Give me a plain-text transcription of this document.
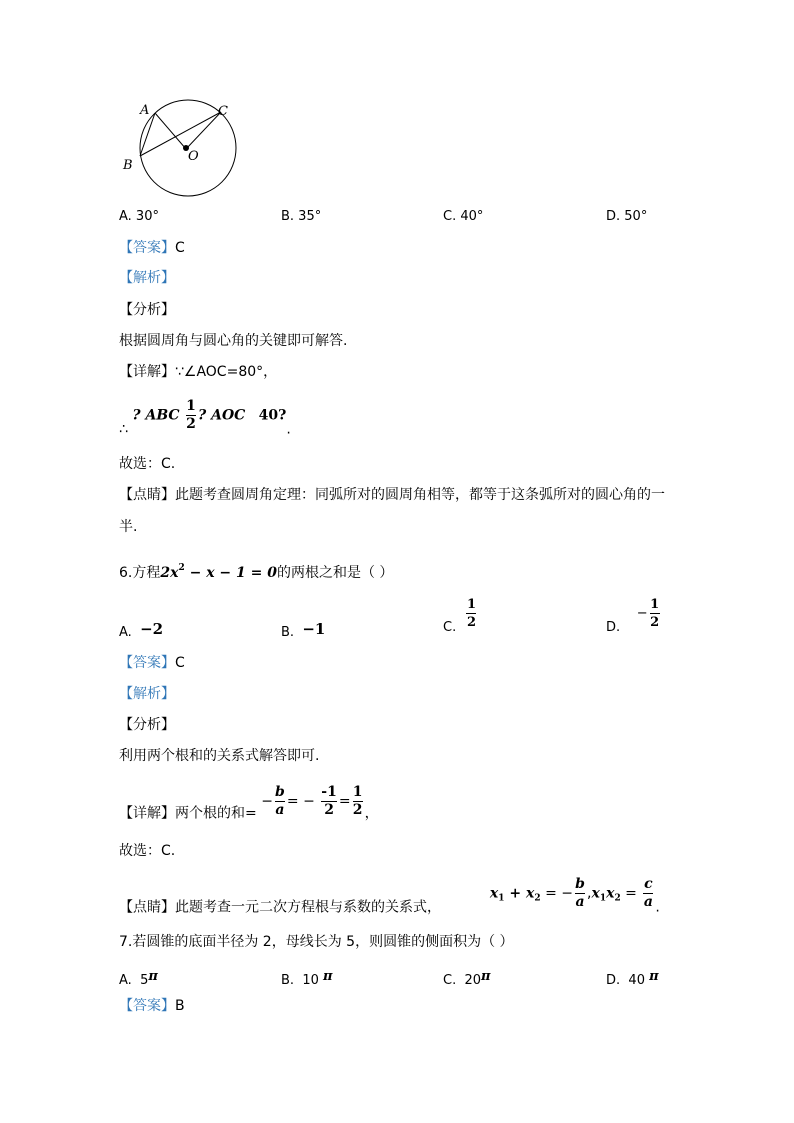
A	C
B
O
A. 30°	B. 35°	C. 40°	D. 50°
【答案】C
【解析】
【分析】
根据圆周角与圆心角的关键即可解答.
【详解】∵∠AOC=80°，
∴ ? ABC $\frac{1}{2}$ ? AOC 40?.
故选：C.
【点睛】此题考查圆周角定理：同弧所对的圆周角相等，都等于这条弧所对的圆心角的一
半.
6.方程$2x^2 - x - 1 = 0$的两根之和是（ ）
A. −2	B. −1	C. $\frac{1}{2}$	D.    − $\frac{1}{2}$
【答案】C
【解析】
【分析】
利用两个根和的关系式解答即可.
【详解】两个根的和= − $\frac{b}{a}$ = − $\frac{-1}{2} = \frac{1}{2}$ ，
故选：C.
【点睛】此题考查一元二次方程根与系数的关系式，  $x_1 + x_2$ = − $\frac{b}{a} ,x_1x_2 = \frac{c}{a}$ .
7.若圆锥的底面半径为 2，母线长为 5，则圆锥的侧面积为（ ）
A. 5π	B. 10 π	C. 20π	D. 40 π
【答案】B
